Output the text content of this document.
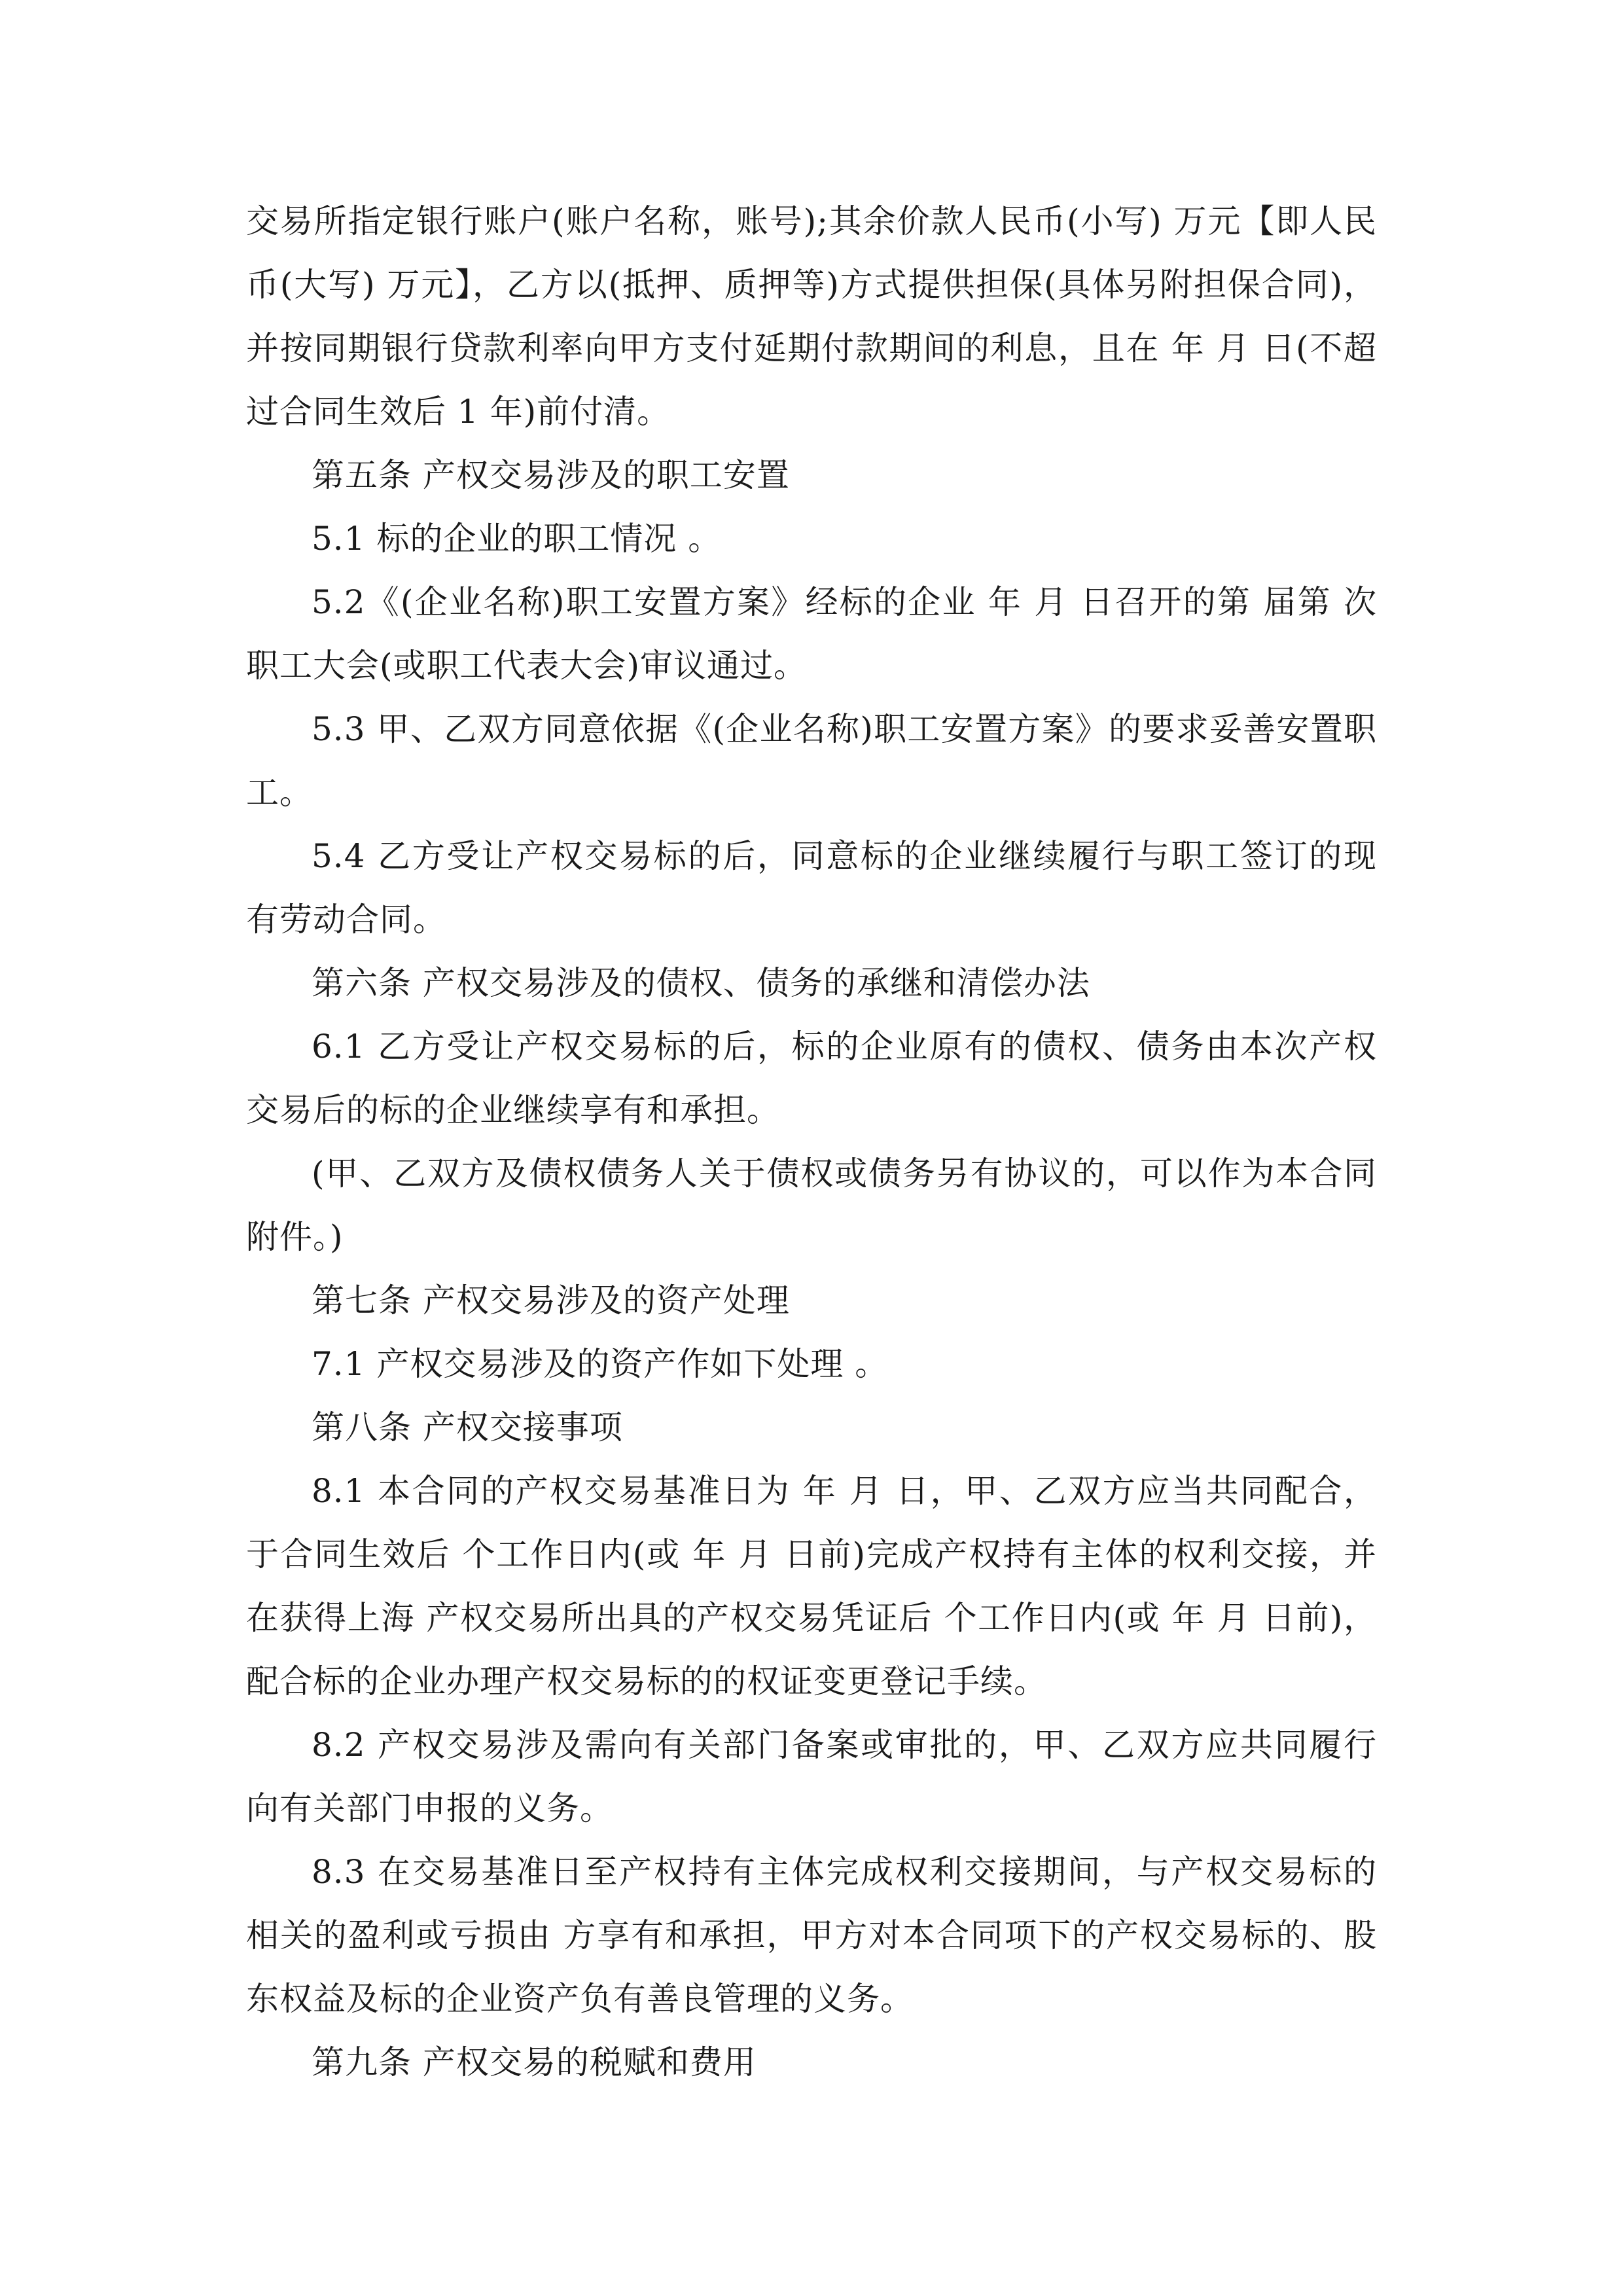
交易所指定银行账户(账户名称，账号);其余价款人民币(小写) 万元【即人民币(大写) 万元】，乙方以(抵押、质押等)方式提供担保(具体另附担保合同)，并按同期银行贷款利率向甲方支付延期付款期间的利息，且在 年 月 日(不超过合同生效后 1 年)前付清。

第五条 产权交易涉及的职工安置

5.1 标的企业的职工情况 。

5.2《(企业名称)职工安置方案》经标的企业 年 月 日召开的第 届第 次职工大会(或职工代表大会)审议通过。

5.3 甲、乙双方同意依据《(企业名称)职工安置方案》的要求妥善安置职工。

5.4 乙方受让产权交易标的后，同意标的企业继续履行与职工签订的现有劳动合同。

第六条 产权交易涉及的债权、债务的承继和清偿办法

6.1 乙方受让产权交易标的后，标的企业原有的债权、债务由本次产权交易后的标的企业继续享有和承担。

(甲、乙双方及债权债务人关于债权或债务另有协议的，可以作为本合同附件。)

第七条 产权交易涉及的资产处理

7.1 产权交易涉及的资产作如下处理 。

第八条 产权交接事项

8.1 本合同的产权交易基准日为 年 月 日，甲、乙双方应当共同配合，于合同生效后 个工作日内(或 年 月 日前)完成产权持有主体的权利交接，并在获得上海 产权交易所出具的产权交易凭证后 个工作日内(或 年 月 日前)，配合标的企业办理产权交易标的的权证变更登记手续。

8.2 产权交易涉及需向有关部门备案或审批的，甲、乙双方应共同履行向有关部门申报的义务。

8.3 在交易基准日至产权持有主体完成权利交接期间，与产权交易标的相关的盈利或亏损由 方享有和承担，甲方对本合同项下的产权交易标的、股东权益及标的企业资产负有善良管理的义务。

第九条 产权交易的税赋和费用
